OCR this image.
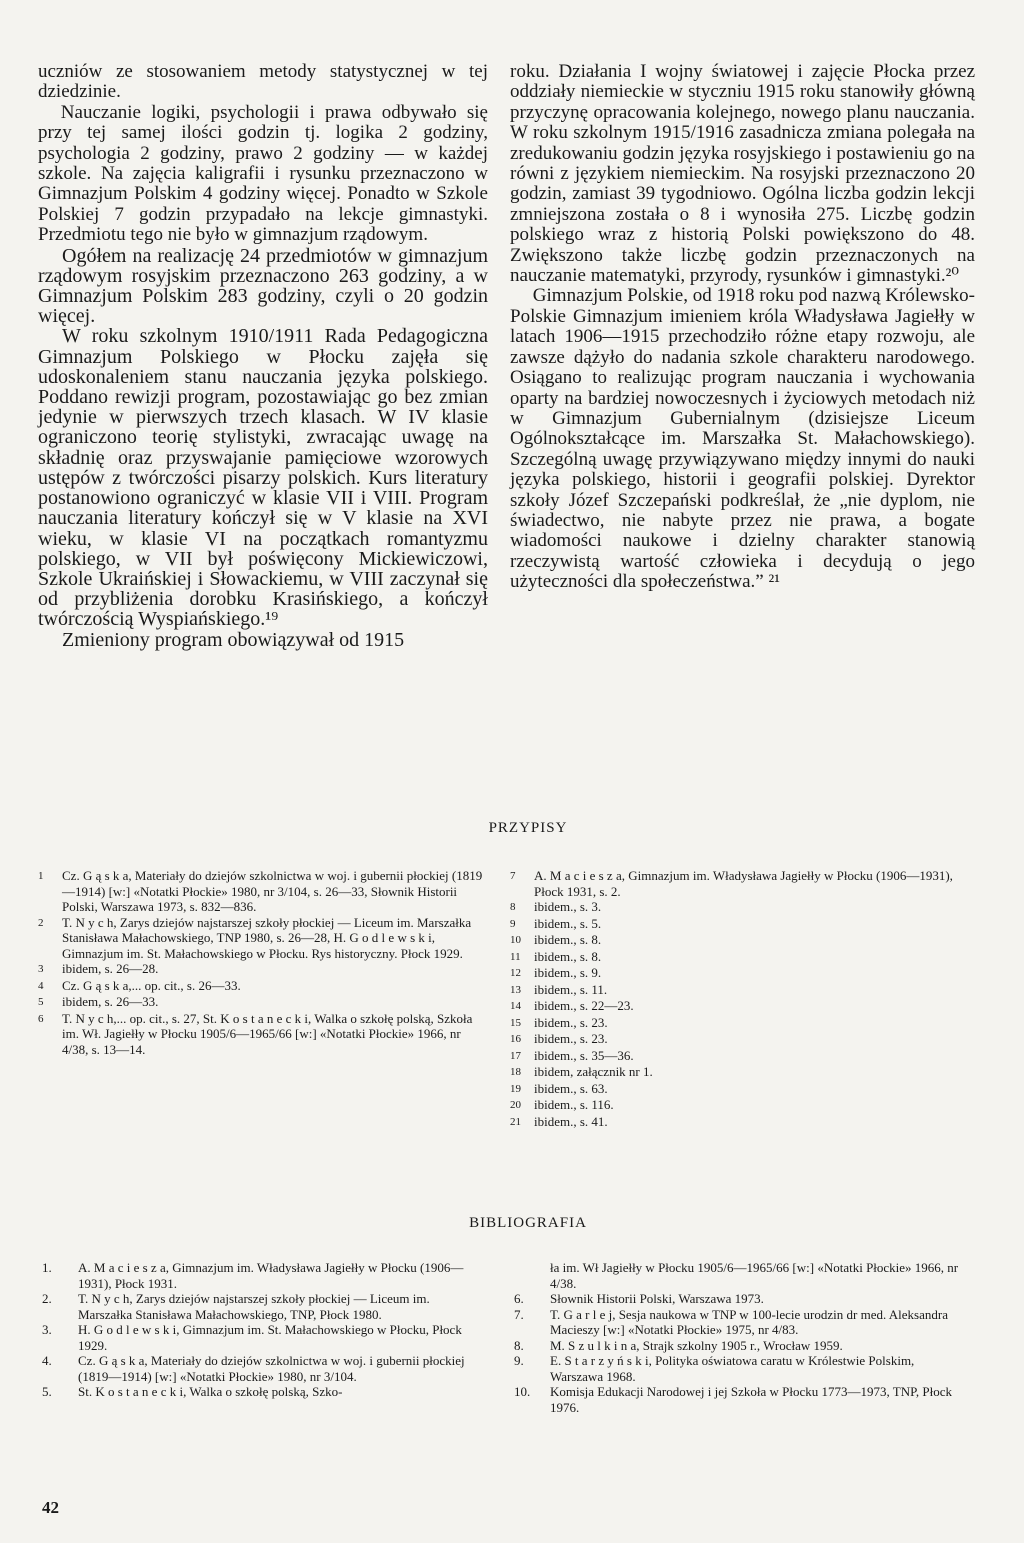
uczniów ze stosowaniem metody statystycznej w tej dziedzinie.

Nauczanie logiki, psychologii i prawa odbywało się przy tej samej ilości godzin tj. logika 2 godziny, psychologia 2 godziny, prawo 2 godziny — w każdej szkole. Na zajęcia kaligrafii i rysunku przeznaczono w Gimnazjum Polskim 4 godziny więcej. Ponadto w Szkole Polskiej 7 godzin przypadało na lekcje gimnastyki. Przedmiotu tego nie było w gimnazjum rządowym.

Ogółem na realizację 24 przedmiotów w gimnazjum rządowym rosyjskim przeznaczono 263 godziny, a w Gimnazjum Polskim 283 godziny, czyli o 20 godzin więcej.

W roku szkolnym 1910/1911 Rada Pedagogiczna Gimnazjum Polskiego w Płocku zajęła się udoskonaleniem stanu nauczania języka polskiego. Poddano rewizji program, pozostawiając go bez zmian jedynie w pierwszych trzech klasach. W IV klasie ograniczono teorię stylistyki, zwracając uwagę na składnię oraz przyswajanie pamięciowe wzorowych ustępów z twórczości pisarzy polskich. Kurs literatury postanowiono ograniczyć w klasie VII i VIII. Program nauczania literatury kończył się w V klasie na XVI wieku, w klasie VI na początkach romantyzmu polskiego, w VII był poświęcony Mickiewiczowi, Szkole Ukraińskiej i Słowackiemu, w VIII zaczynał się od przybliżenia dorobku Krasińskiego, a kończył twórczością Wyspiańskiego.¹⁹

Zmieniony program obowiązywał od 1915

roku. Działania I wojny światowej i zajęcie Płocka przez oddziały niemieckie w styczniu 1915 roku stanowiły główną przyczynę opracowania kolejnego, nowego planu nauczania. W roku szkolnym 1915/1916 zasadnicza zmiana polegała na zredukowaniu godzin języka rosyjskiego i postawieniu go na równi z językiem niemieckim. Na rosyjski przeznaczono 20 godzin, zamiast 39 tygodniowo. Ogólna liczba godzin lekcji zmniejszona została o 8 i wynosiła 275. Liczbę godzin polskiego wraz z historią Polski powiększono do 48. Zwiększono także liczbę godzin przeznaczonych na nauczanie matematyki, przyrody, rysunków i gimnastyki.²⁰

Gimnazjum Polskie, od 1918 roku pod nazwą Królewsko-Polskie Gimnazjum imieniem króla Władysława Jagiełły w latach 1906—1915 przechodziło różne etapy rozwoju, ale zawsze dążyło do nadania szkole charakteru narodowego. Osiągano to realizując program nauczania i wychowania oparty na bardziej nowoczesnych i życiowych metodach niż w Gimnazjum Gubernialnym (dzisiejsze Liceum Ogólnokształcące im. Marszałka St. Małachowskiego). Szczególną uwagę przywiązywano między innymi do nauki języka polskiego, historii i geografii polskiej. Dyrektor szkoły Józef Szczepański podkreślał, że „nie dyplom, nie świadectwo, nie nabyte przez nie prawa, a bogate wiadomości naukowe i dzielny charakter stanowią rzeczywistą wartość człowieka i decydują o jego użyteczności dla społeczeństwa.” ²¹

PRZYPISY
1	Cz. G ą s k a, Materiały do dziejów szkolnictwa w woj. i gubernii płockiej (1819—1914) [w:] «Notatki Płockie» 1980, nr 3/104, s. 26—33, Słownik Historii Polski, Warszawa 1973, s. 832—836.
2	T. N y c h, Zarys dziejów najstarszej szkoły płockiej — Liceum im. Marszałka Stanisława Małachowskiego, TNP 1980, s. 26—28, H. G o d l e w s k i, Gimnazjum im. St. Małachowskiego w Płocku. Rys historyczny. Płock 1929.
3	ibidem, s. 26—28.
4	Cz. G ą s k a,... op. cit., s. 26—33.
5	ibidem, s. 26—33.
6	T. N y c h,... op. cit., s. 27, St. K o s t a n e c k i, Walka o szkołę polską, Szkoła im. Wł. Jagiełły w Płocku 1905/6—1965/66 [w:] «Notatki Płockie» 1966, nr 4/38, s. 13—14.
7	A. M a c i e s z a, Gimnazjum im. Władysława Jagiełły w Płocku (1906—1931), Płock 1931, s. 2.
8	ibidem., s. 3.
9	ibidem., s. 5.
10	ibidem., s. 8.
11	ibidem., s. 8.
12	ibidem., s. 9.
13	ibidem., s. 11.
14	ibidem., s. 22—23.
15	ibidem., s. 23.
16	ibidem., s. 23.
17	ibidem., s. 35—36.
18	ibidem, załącznik nr 1.
19	ibidem., s. 63.
20	ibidem., s. 116.
21	ibidem., s. 41.
BIBLIOGRAFIA
1.	A. M a c i e s z a, Gimnazjum im. Władysława Jagiełły w Płocku (1906—1931), Płock 1931.
2.	T. N y c h, Zarys dziejów najstarszej szkoły płockiej — Liceum im. Marszałka Stanisława Małachowskiego, TNP, Płock 1980.
3.	H. G o d l e w s k i, Gimnazjum im. St. Małachowskiego w Płocku, Płock 1929.
4.	Cz. G ą s k a, Materiały do dziejów szkolnictwa w woj. i gubernii płockiej (1819—1914) [w:] «Notatki Płockie» 1980, nr 3/104.
5.	St. K o s t a n e c k i, Walka o szkołę polską, Szko-
ła im. Wł Jagiełły w Płocku 1905/6—1965/66 [w:] «Notatki Płockie» 1966, nr 4/38.
6.	Słownik Historii Polski, Warszawa 1973.
7.	T. G a r l e j, Sesja naukowa w TNP w 100-lecie urodzin dr med. Aleksandra Macieszy [w:] «Notatki Płockie» 1975, nr 4/83.
8.	M. S z u l k i n a, Strajk szkolny 1905 r., Wrocław 1959.
9.	E. S t a r z y ń s k i, Polityka oświatowa caratu w Królestwie Polskim, Warszawa 1968.
10.	Komisja Edukacji Narodowej i jej Szkoła w Płocku 1773—1973, TNP, Płock 1976.
42
